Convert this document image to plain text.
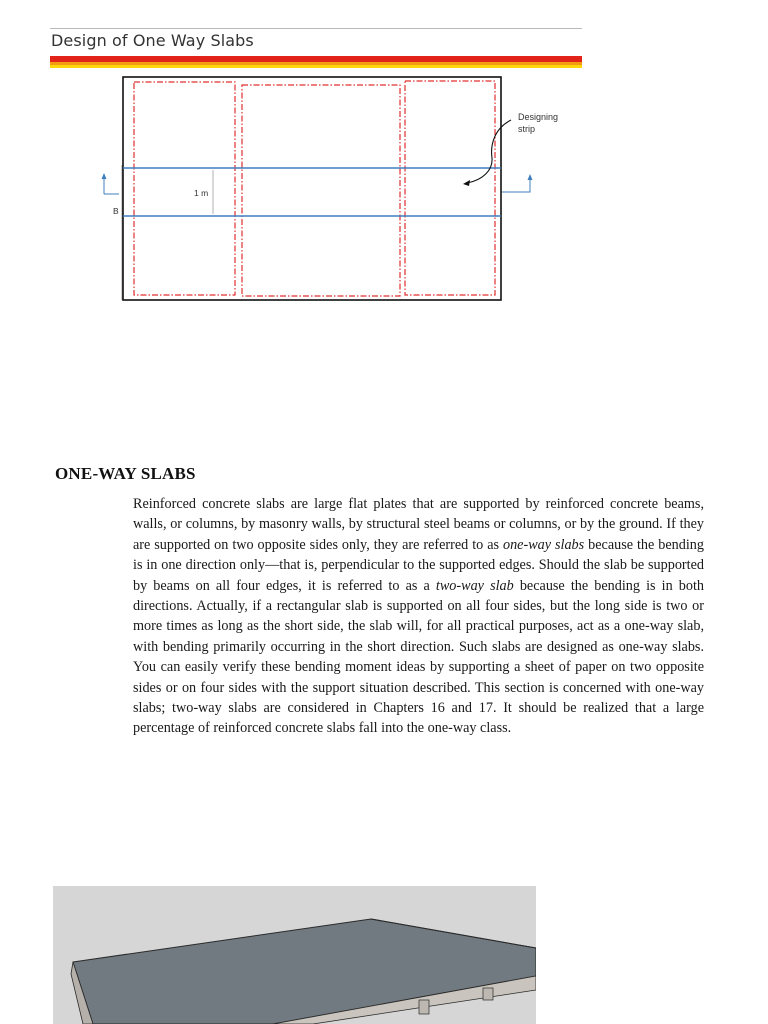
Design of One Way Slabs
Designing
strip
1 m
B
ONE-WAY SLABS

Reinforced concrete slabs are large flat plates that are supported by reinforced concrete beams, walls, or columns, by masonry walls, by structural steel beams or columns, or by the ground. If they are supported on two opposite sides only, they are referred to as one-way slabs because the bending is in one direction only—that is, perpendicular to the supported edges. Should the slab be supported by beams on all four edges, it is referred to as a two-way slab because the bending is in both directions. Actually, if a rectangular slab is supported on all four sides, but the long side is two or more times as long as the short side, the slab will, for all practical purposes, act as a one-way slab, with bending primarily occurring in the short direction. Such slabs are designed as one-way slabs. You can easily verify these bending moment ideas by supporting a sheet of paper on two opposite sides or on four sides with the support situation described. This section is concerned with one-way slabs; two-way slabs are considered in Chapters 16 and 17. It should be realized that a large percentage of reinforced concrete slabs fall into the one-way class.
